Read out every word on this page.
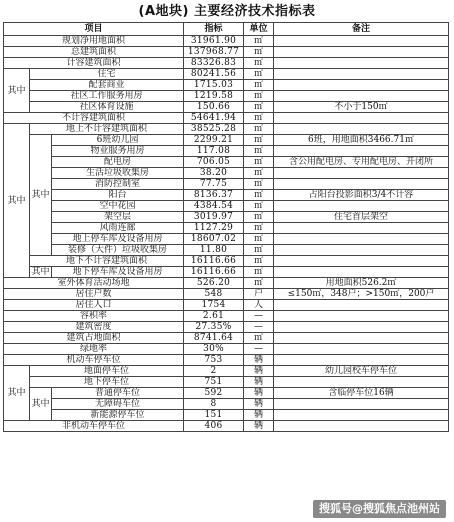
(A地块) 主要经济技术指标表
项目			指标	单位	备注
规划净用地面积			31961.90	㎡	
总建筑面积			137968.77	㎡	
计容建筑面积			83326.83	㎡	
其中	住宅		80241.56	㎡	
	配套商业		1715.03	㎡	
	社区工作服务用房		1219.58	㎡	
	社区体育设施		150.66	㎡	不小于150㎡
不计容建筑面积			54641.94	㎡	
其中	地上不计容建筑面积		38525.28	㎡	
	其中	6班幼儿园	2299.21	㎡	6班，用地面积3466.71㎡
		物业服务用房	117.08	㎡	
		配电房	706.05	㎡	含公用配电房、专用配电房、开闭所
		生活垃圾收集房	38.20	㎡	
		消防控制室	77.75	㎡	
		阳台	8136.37	㎡	占阳台投影面积3/4不计容
		空中花园	4384.54	㎡	
		架空层	3019.97	㎡	住宅首层架空
		风雨连廊	1127.29	㎡	
		地上停车库及设备用房	18607.02	㎡	
		装修（大件）垃圾收集房	11.80	㎡	
	地下不计容建筑面积		16116.66	㎡	
	其中	地下停车库及设备用房	16116.66	㎡	
室外体育活动场地			526.20	㎡	用地面积526.2㎡
居住户数			548	户	≤150㎡，348户；>150㎡，200户
居住人口			1754	人	
容积率			2.61	—	
建筑密度			27.35%	—	
建筑占地面积			8741.64	㎡	
绿地率			30%	—	
机动车停车位			753	辆	
其中	地面停车位		2	辆	幼儿园校车停车位
	地下停车位		751	辆	
	其中	普通停车位	592	辆	含临停车位16辆
		无障碍车位	8	辆	
		新能源停车位	151	辆	
非机动车停车位			406	辆	
搜狐号@搜狐焦点池州站
